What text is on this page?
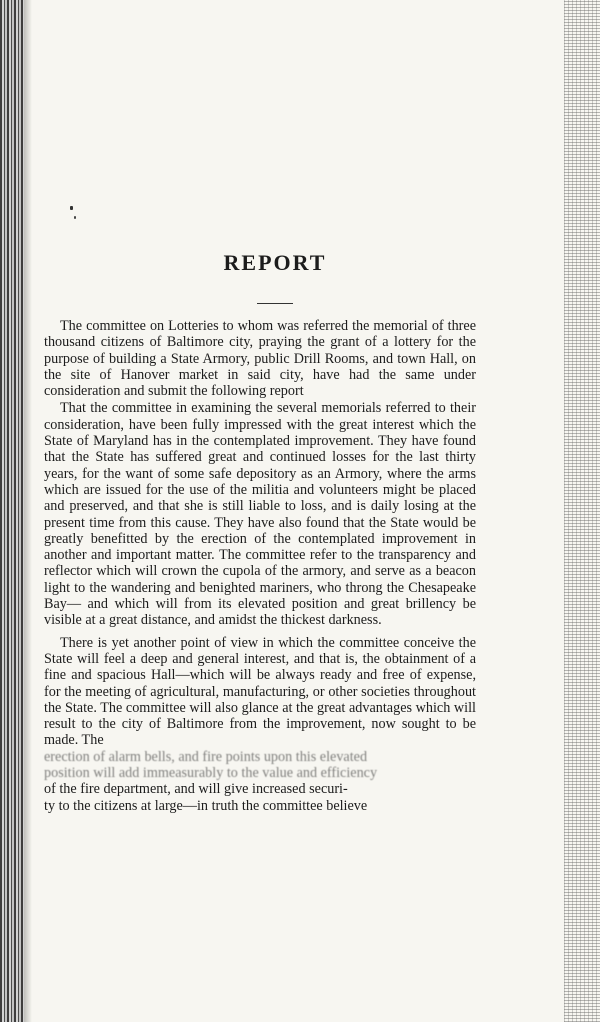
REPORT

The committee on Lotteries to whom was referred the memorial of three thousand citizens of Baltimore city, praying the grant of a lottery for the purpose of building a State Armory, public Drill Rooms, and town Hall, on the site of Hanover market in said city, have had the same under consideration and submit the following report

That the committee in examining the several memorials referred to their consideration, have been fully impressed with the great interest which the State of Maryland has in the contemplated improvement. They have found that the State has suffered great and continued losses for the last thirty years, for the want of some safe depository as an Armory, where the arms which are issued for the use of the militia and volunteers might be placed and preserved, and that she is still liable to loss, and is daily losing at the present time from this cause. They have also found that the State would be greatly benefitted by the erection of the contemplated improvement in another and important matter. The committee refer to the transparency and reflector which will crown the cupola of the armory, and serve as a beacon light to the wandering and benighted mariners, who throng the Chesapeake Bay— and which will from its elevated position and great brillency be visible at a great distance, and amidst the thickest darkness.

There is yet another point of view in which the committee conceive the State will feel a deep and general interest, and that is, the obtainment of a fine and spacious Hall—which will be always ready and free of expense, for the meeting of agricultural, manufacturing, or other societies throughout the State. The committee will also glance at the great advantages which will result to the city of Baltimore from the improvement, now sought to be made. The

erection of alarm bells, and fire points upon this elevated
position will add immeasurably to the value and efficiency
of the fire department, and will give increased securi-
ty to the citizens at large—in truth the committee believe
